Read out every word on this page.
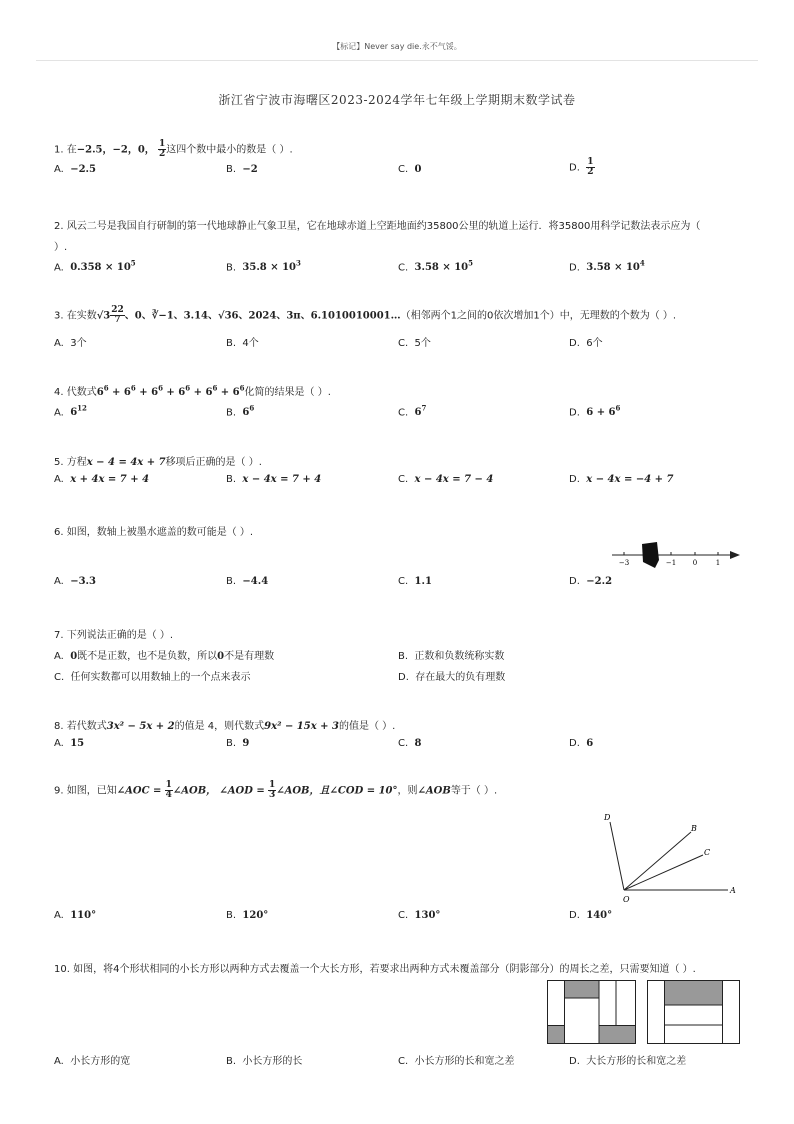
【标记】Never say die.永不气馁。
浙江省宁波市海曙区2023-2024学年七年级上学期期末数学试卷
1. 在−2.5，−2，0， $\frac{1}{2}$ 这四个数中最小的数是（ ）.
A. −2.5	B. −2	C. 0	D. $\frac{1}{2}$
2. 风云二号是我国自行研制的第一代地球静止气象卫星，它在地球赤道上空距地面约35800公里的轨道上运行．将35800用科学记数法表示应为（
）.
A. $0.358 \times 10^5$	B. $35.8 \times 10^3$	C. $3.58 \times 10^5$	D. $3.58 \times 10^4$
3. 在实数$√3 \frac{22}{7}$ 、0、∛−1、3.14、√36、2024、3π、6.1010010001…（相邻两个1之间的0依次增加1个）中，无理数的个数为（ ）.
A. 3个	B. 4个	C. 5个	D. 6个
4. 代数式$6^6 + 6^6 + 6^6 + 6^6 + 6^6 + 6^6$化简的结果是（ ）.
A. $6^{12}$	B. $6^6$	C. $6^7$	D. $6 + 6^6$
5. 方程x − 4 = 4x + 7移项后正确的是（ ）.
A. x + 4x = 7 + 4	B. x − 4x = 7 + 4	C. x − 4x = 7 − 4	D. x − 4x = −4 + 7
6. 如图，数轴上被墨水遮盖的数可能是（ ）.
−3	−1 0	1
A. −3.3	B. −4.4	C. 1.1	D. −2.2
7. 下列说法正确的是（ ）.
A. 0既不是正数，也不是负数，所以0不是有理数	B. 正数和负数统称实数
C. 任何实数都可以用数轴上的一个点来表示	D. 存在最大的负有理数
8. 若代数式3x² − 5x + 2的值是 4，则代数式9x² − 15x + 3的值是（ ）.
A. 15	B. 9	C. 8	D. 6
9. 如图，已知∠AOC = $\frac{1}{4}$ ∠AOB， ∠AOD = $\frac{1}{3}$ ∠AOB，且∠COD = 10°，则∠AOB等于（ ）.
D
B
C
A
O
A. 110°	B. 120°	C. 130°	D. 140°
10. 如图，将4个形状相同的小长方形以两种方式去覆盖一个大长方形，若要求出两种方式未覆盖部分（阴影部分）的周长之差，只需要知道（ ）.
A. 小长方形的宽	B. 小长方形的长	C. 小长方形的长和宽之差	D. 大长方形的长和宽之差
